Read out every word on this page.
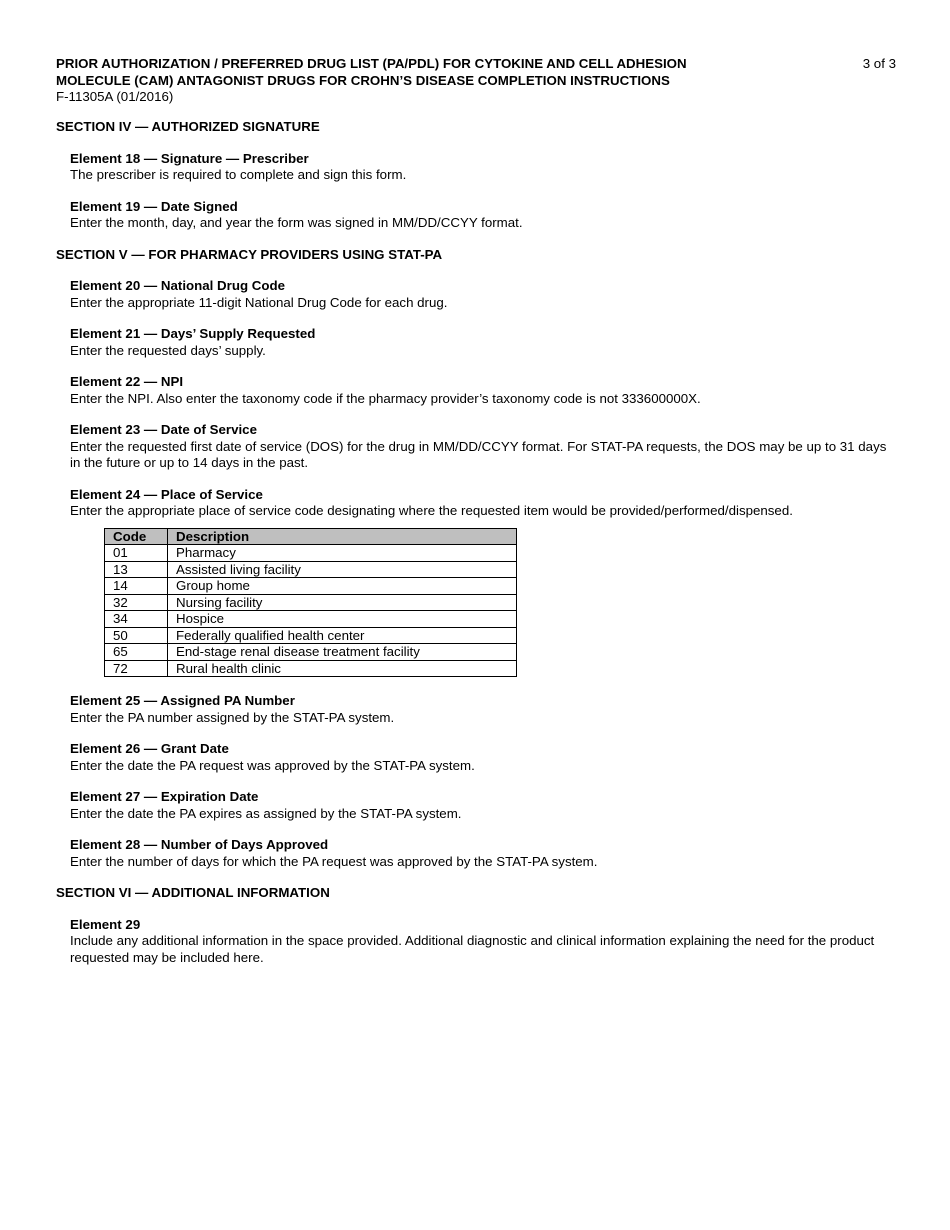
PRIOR AUTHORIZATION / PREFERRED DRUG LIST (PA/PDL) FOR CYTOKINE AND CELL ADHESION MOLECULE (CAM) ANTAGONIST DRUGS FOR CROHN’S DISEASE COMPLETION INSTRUCTIONS

F-11305A (01/2016)

3 of 3

SECTION IV — AUTHORIZED SIGNATURE

Element 18 — Signature — Prescriber

The prescriber is required to complete and sign this form.

Element 19 — Date Signed

Enter the month, day, and year the form was signed in MM/DD/CCYY format.

SECTION V — FOR PHARMACY PROVIDERS USING STAT-PA

Element 20 — National Drug Code

Enter the appropriate 11-digit National Drug Code for each drug.

Element 21 — Days’ Supply Requested

Enter the requested days’ supply.

Element 22 — NPI

Enter the NPI. Also enter the taxonomy code if the pharmacy provider’s taxonomy code is not 333600000X.

Element 23 — Date of Service

Enter the requested first date of service (DOS) for the drug in MM/DD/CCYY format. For STAT-PA requests, the DOS may be up to 31 days in the future or up to 14 days in the past.

Element 24 — Place of Service

Enter the appropriate place of service code designating where the requested item would be provided/performed/dispensed.

Code	Description
01	Pharmacy
13	Assisted living facility
14	Group home
32	Nursing facility
34	Hospice
50	Federally qualified health center
65	End-stage renal disease treatment facility
72	Rural health clinic

Element 25 — Assigned PA Number

Enter the PA number assigned by the STAT-PA system.

Element 26 — Grant Date

Enter the date the PA request was approved by the STAT-PA system.

Element 27 — Expiration Date

Enter the date the PA expires as assigned by the STAT-PA system.

Element 28 — Number of Days Approved

Enter the number of days for which the PA request was approved by the STAT-PA system.

SECTION VI — ADDITIONAL INFORMATION

Element 29

Include any additional information in the space provided. Additional diagnostic and clinical information explaining the need for the product requested may be included here.
